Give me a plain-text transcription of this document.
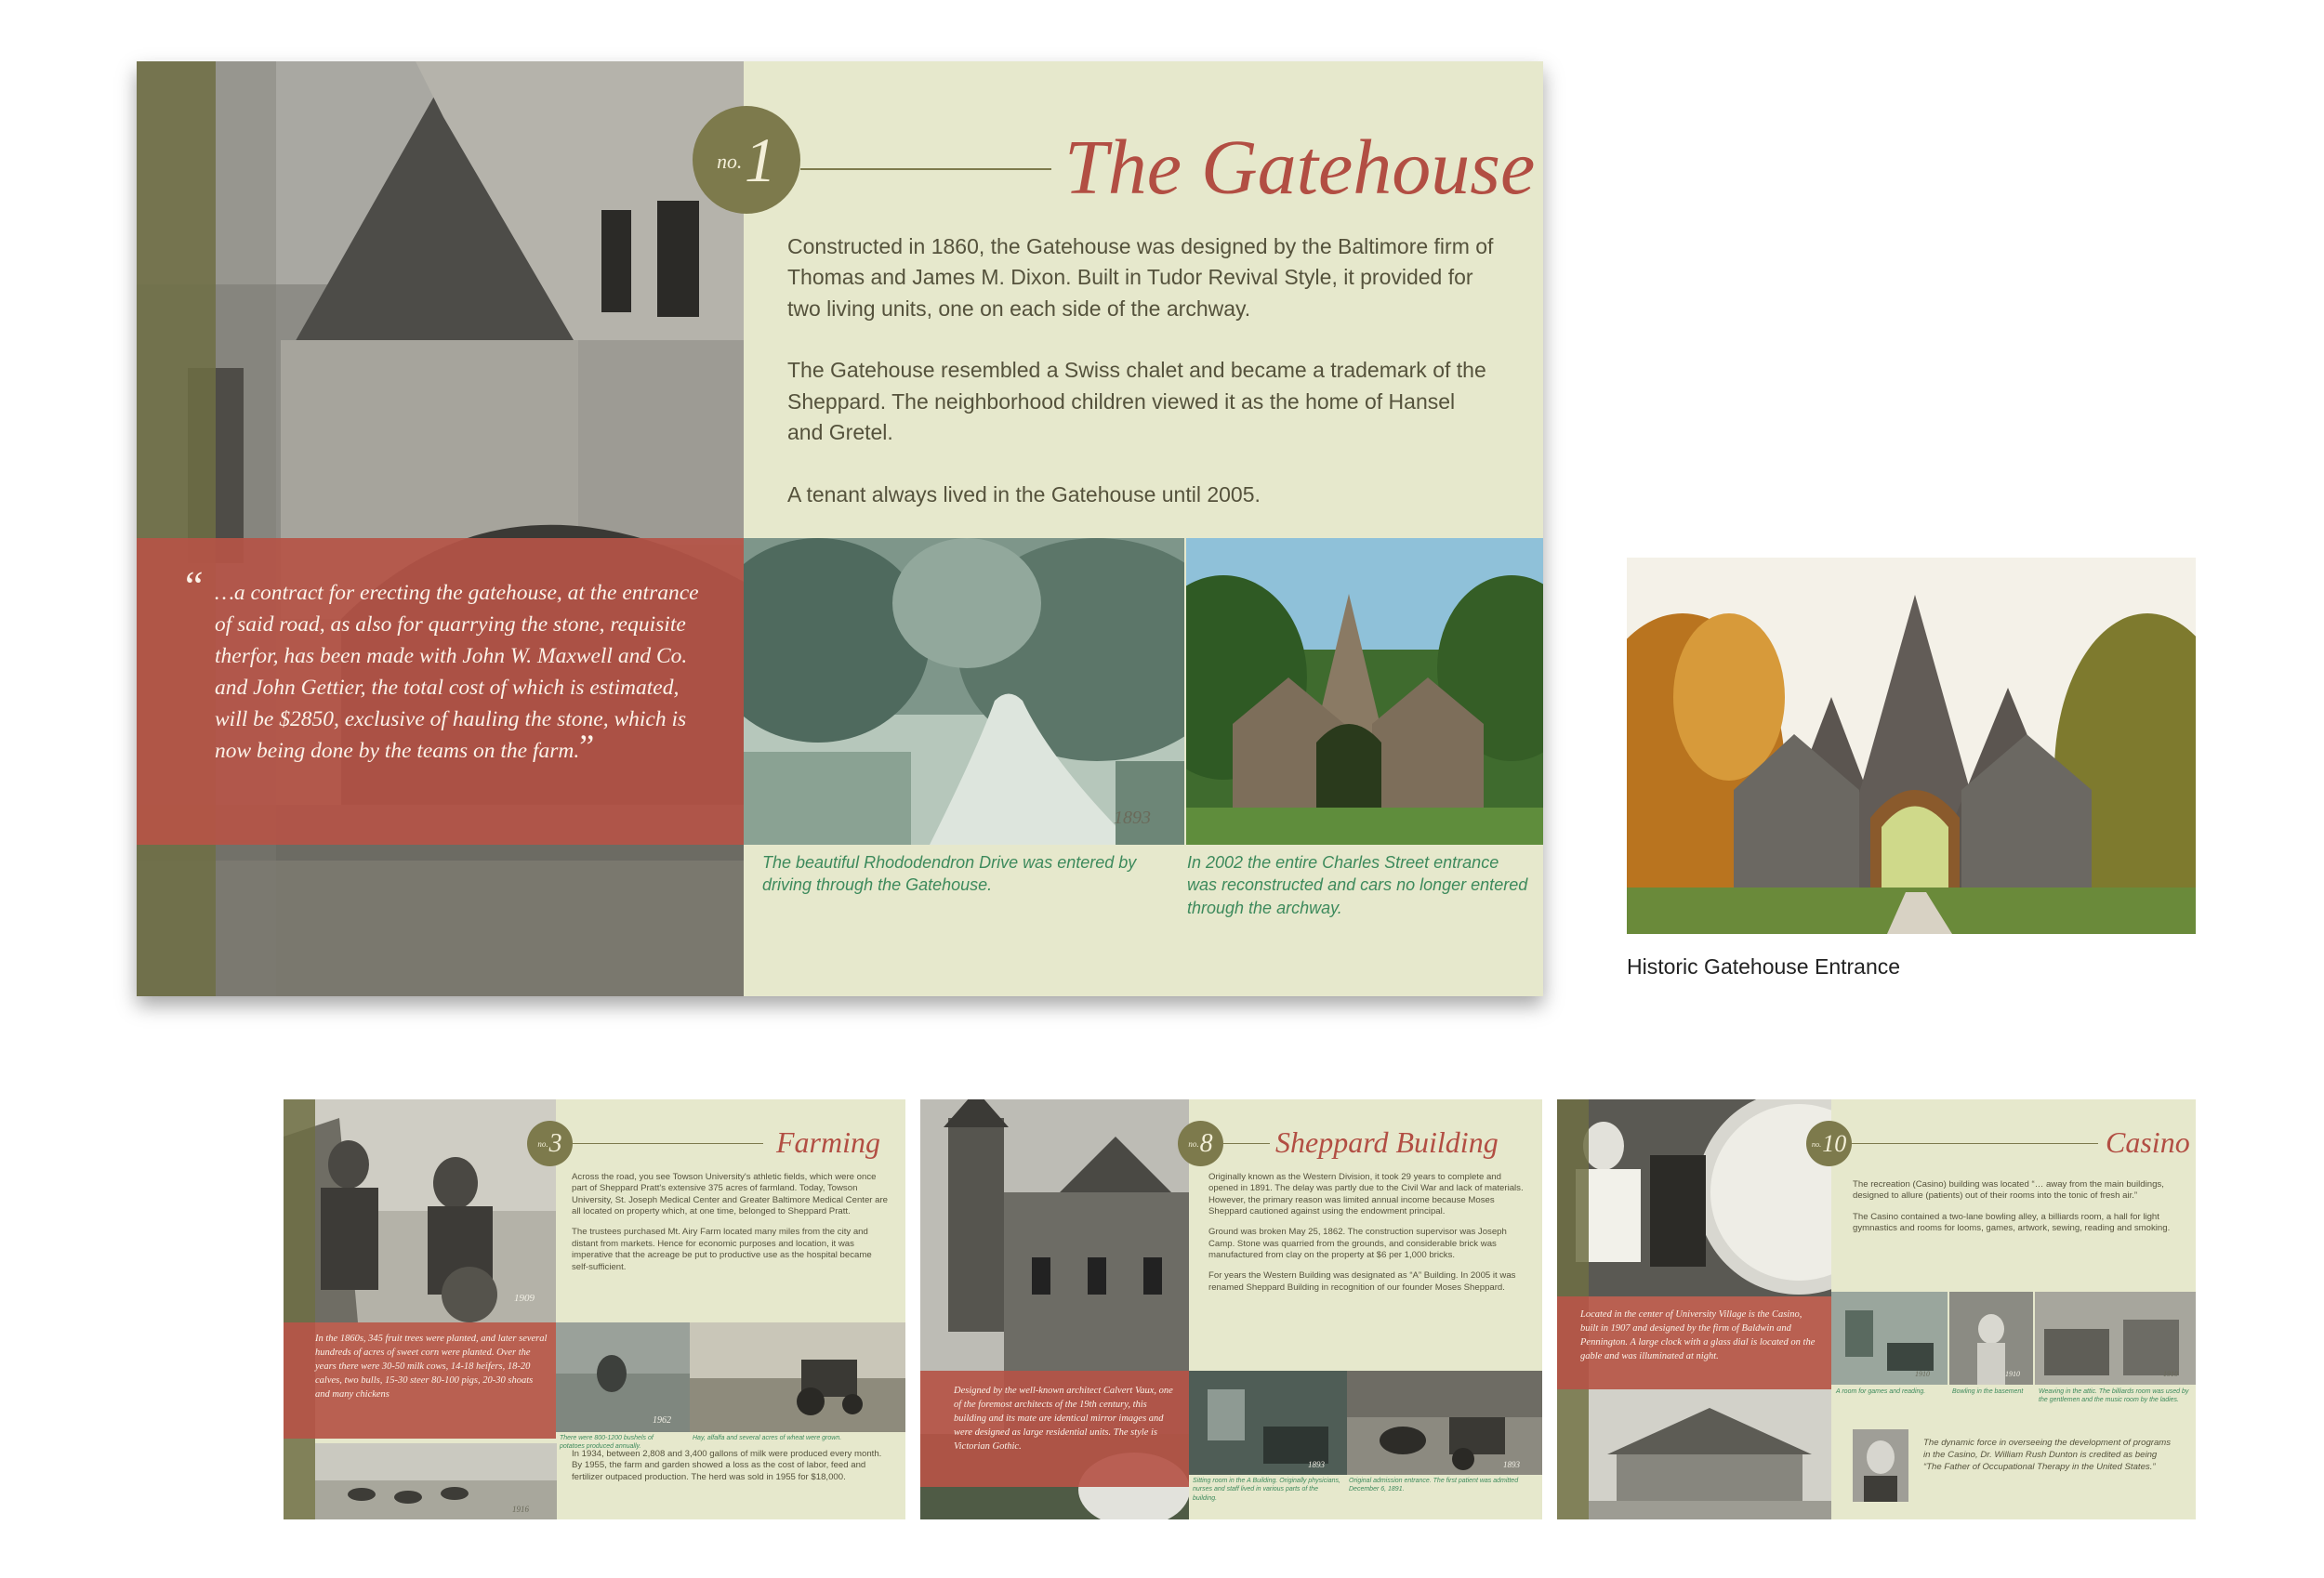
no. 1	The Gatehouse

Constructed in 1860, the Gatehouse was designed by the Baltimore firm of Thomas and James M. Dixon. Built in Tudor Revival Style, it provided for two living units, one on each side of the archway.

The Gatehouse resembled a Swiss chalet and became a trademark of the Sheppard. The neighborhood children viewed it as the home of Hansel and Gretel.

A tenant always lived in the Gatehouse until 2005.

“ …a contract for erecting the gatehouse, at the entrance of said road, as also for quarrying the stone, requisite therfor, has been made with John W. Maxwell and Co. and John Gettier, the total cost of which is estimated, will be $2850, exclusive of hauling the stone, which is now being done by the teams on the farm.”
1893
The beautiful Rhododendron Drive was entered by driving through the Gatehouse.
In 2002 the entire Charles Street entrance was reconstructed and cars no longer entered through the archway.
Historic Gatehouse Entrance
1909
no. 3	Farming

Across the road, you see Towson University's athletic fields, which were once part of Sheppard Pratt's extensive 375 acres of farmland. Today, Towson University, St. Joseph Medical Center and Greater Baltimore Medical Center are all located on property which, at one time, belonged to Sheppard Pratt.

The trustees purchased Mt. Airy Farm located many miles from the city and distant from markets. Hence for economic purposes and location, it was imperative that the acreage be put to productive use as the hospital became self-sufficient.

In the 1860s, 345 fruit trees were planted, and later several hundreds of acres of sweet corn were planted. Over the years there were 30-50 milk cows, 14-18 heifers, 18-20 calves, two bulls, 15-30 steer 80-100 pigs, 20-30 shoats and many chickens
1962
There were 800-1200 bushels of potatoes produced annually.
Hay, alfalfa and several acres of wheat were grown.
1916
In 1934, between 2,808 and 3,400 gallons of milk were produced every month. By 1955, the farm and garden showed a loss as the cost of labor, feed and fertilizer outpaced production. The herd was sold in 1955 for $18,000.
no. 8 Sheppard Building

Originally known as the Western Division, it took 29 years to complete and opened in 1891. The delay was partly due to the Civil War and lack of materials. However, the primary reason was limited annual income because Moses Sheppard cautioned against using the endowment principal.

Ground was broken May 25, 1862. The construction supervisor was Joseph Camp. Stone was quarried from the grounds, and considerable brick was manufactured from clay on the property at $6 per 1,000 bricks.

For years the Western Building was designated as “A” Building. In 2005 it was renamed Sheppard Building in recognition of our founder Moses Sheppard.

Designed by the well-known architect Calvert Vaux, one of the foremost architects of the 19th century, this building and its mate are identical mirror images and were designed as large residential units. The style is Victorian Gothic.
1893	1893
Sitting room in the A Building. Originally physicians, nurses and staff lived in various parts of the building.
Original admission entrance. The first patient was admitted December 6, 1891.
no. 10	Casino

The recreation (Casino) building was located “… away from the main buildings, designed to allure (patients) out of their rooms into the tonic of fresh air.”

The Casino contained a two-lane bowling alley, a billiards room, a hall for light gymnastics and rooms for looms, games, artwork, sewing, reading and smoking.

Located in the center of University Village is the Casino, built in 1907 and designed by the firm of Baldwin and Pennington. A large clock with a glass dial is located on the gable and was illuminated at night.
1910	1910	1910
A room for games and reading.	Bowling in the basement	Weaving in the attic. The billiards room was used by the gentlemen and the music room by the ladies.
The dynamic force in overseeing the development of programs in the Casino, Dr. William Rush Dunton is credited as being “The Father of Occupational Therapy in the United States.”
